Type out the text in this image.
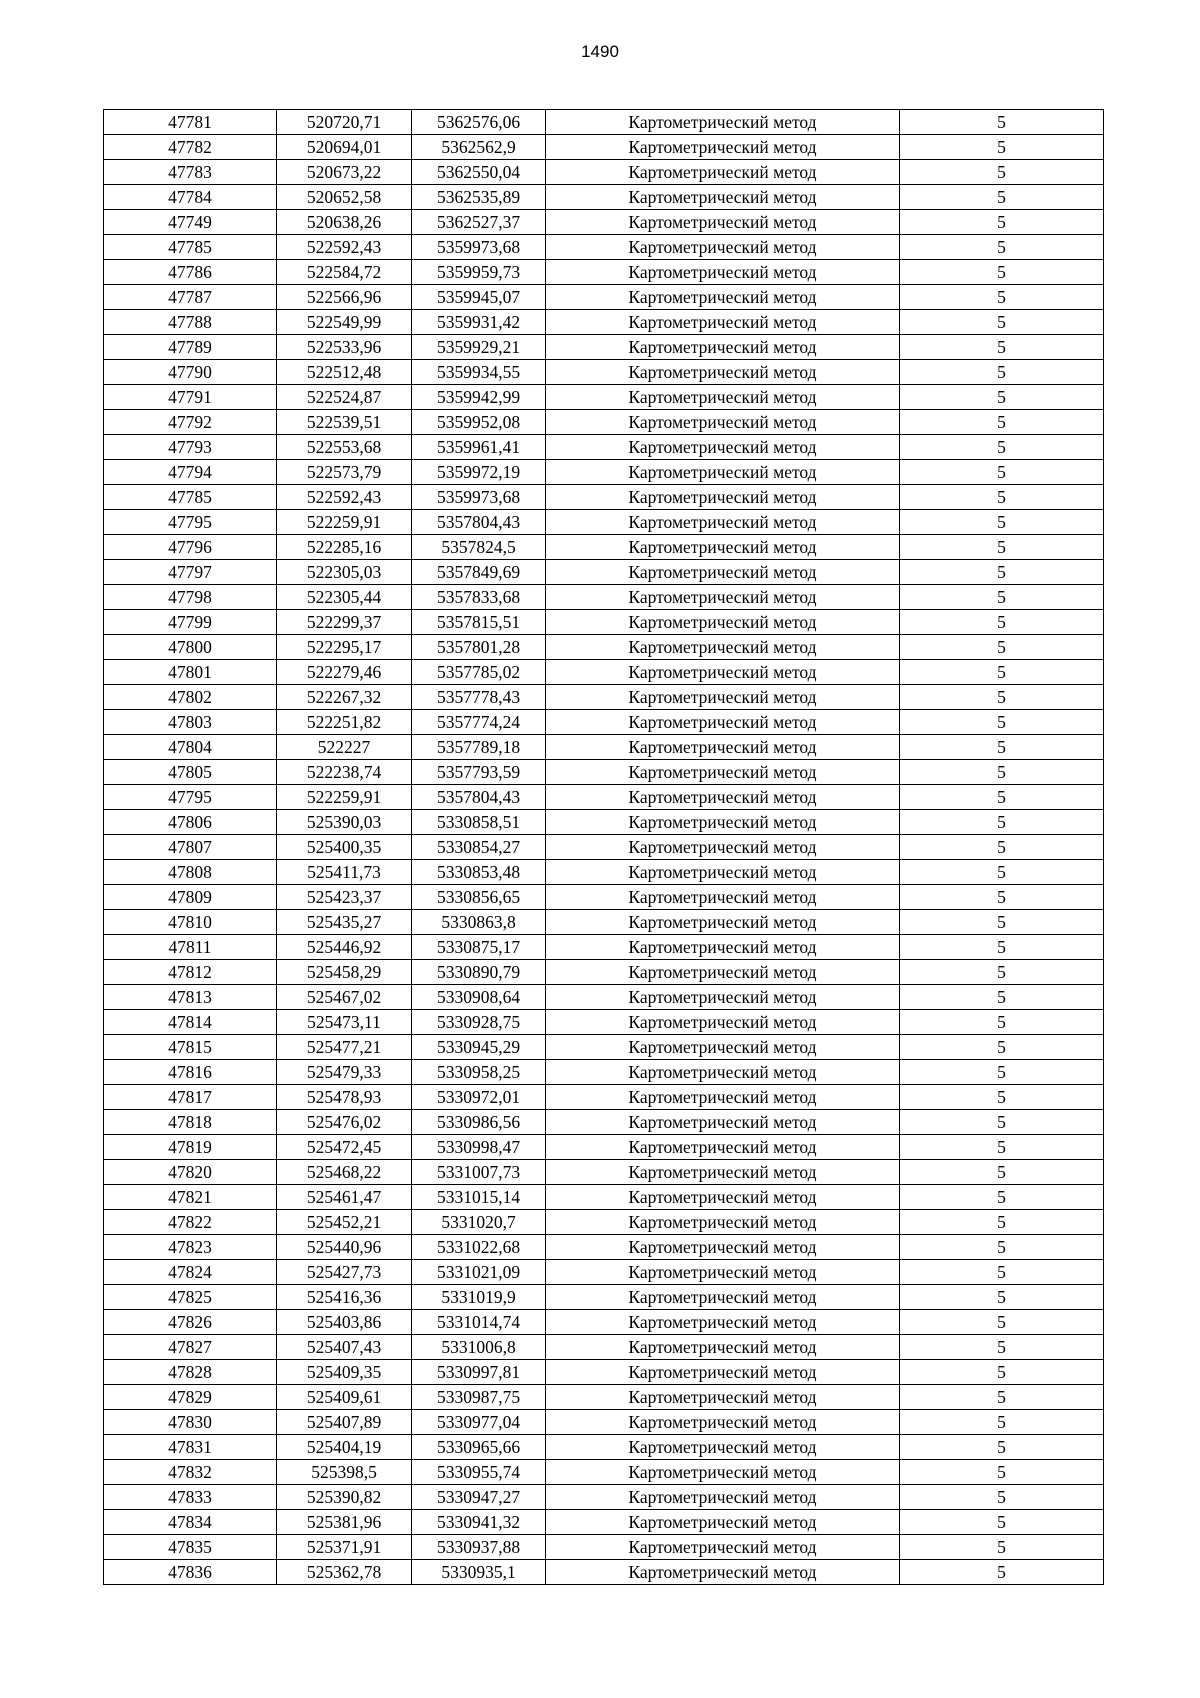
1490
47781	520720,71	5362576,06	Картометрический метод	5
47782	520694,01	5362562,9	Картометрический метод	5
47783	520673,22	5362550,04	Картометрический метод	5
47784	520652,58	5362535,89	Картометрический метод	5
47749	520638,26	5362527,37	Картометрический метод	5
47785	522592,43	5359973,68	Картометрический метод	5
47786	522584,72	5359959,73	Картометрический метод	5
47787	522566,96	5359945,07	Картометрический метод	5
47788	522549,99	5359931,42	Картометрический метод	5
47789	522533,96	5359929,21	Картометрический метод	5
47790	522512,48	5359934,55	Картометрический метод	5
47791	522524,87	5359942,99	Картометрический метод	5
47792	522539,51	5359952,08	Картометрический метод	5
47793	522553,68	5359961,41	Картометрический метод	5
47794	522573,79	5359972,19	Картометрический метод	5
47785	522592,43	5359973,68	Картометрический метод	5
47795	522259,91	5357804,43	Картометрический метод	5
47796	522285,16	5357824,5	Картометрический метод	5
47797	522305,03	5357849,69	Картометрический метод	5
47798	522305,44	5357833,68	Картометрический метод	5
47799	522299,37	5357815,51	Картометрический метод	5
47800	522295,17	5357801,28	Картометрический метод	5
47801	522279,46	5357785,02	Картометрический метод	5
47802	522267,32	5357778,43	Картометрический метод	5
47803	522251,82	5357774,24	Картометрический метод	5
47804	522227	5357789,18	Картометрический метод	5
47805	522238,74	5357793,59	Картометрический метод	5
47795	522259,91	5357804,43	Картометрический метод	5
47806	525390,03	5330858,51	Картометрический метод	5
47807	525400,35	5330854,27	Картометрический метод	5
47808	525411,73	5330853,48	Картометрический метод	5
47809	525423,37	5330856,65	Картометрический метод	5
47810	525435,27	5330863,8	Картометрический метод	5
47811	525446,92	5330875,17	Картометрический метод	5
47812	525458,29	5330890,79	Картометрический метод	5
47813	525467,02	5330908,64	Картометрический метод	5
47814	525473,11	5330928,75	Картометрический метод	5
47815	525477,21	5330945,29	Картометрический метод	5
47816	525479,33	5330958,25	Картометрический метод	5
47817	525478,93	5330972,01	Картометрический метод	5
47818	525476,02	5330986,56	Картометрический метод	5
47819	525472,45	5330998,47	Картометрический метод	5
47820	525468,22	5331007,73	Картометрический метод	5
47821	525461,47	5331015,14	Картометрический метод	5
47822	525452,21	5331020,7	Картометрический метод	5
47823	525440,96	5331022,68	Картометрический метод	5
47824	525427,73	5331021,09	Картометрический метод	5
47825	525416,36	5331019,9	Картометрический метод	5
47826	525403,86	5331014,74	Картометрический метод	5
47827	525407,43	5331006,8	Картометрический метод	5
47828	525409,35	5330997,81	Картометрический метод	5
47829	525409,61	5330987,75	Картометрический метод	5
47830	525407,89	5330977,04	Картометрический метод	5
47831	525404,19	5330965,66	Картометрический метод	5
47832	525398,5	5330955,74	Картометрический метод	5
47833	525390,82	5330947,27	Картометрический метод	5
47834	525381,96	5330941,32	Картометрический метод	5
47835	525371,91	5330937,88	Картометрический метод	5
47836	525362,78	5330935,1	Картометрический метод	5
